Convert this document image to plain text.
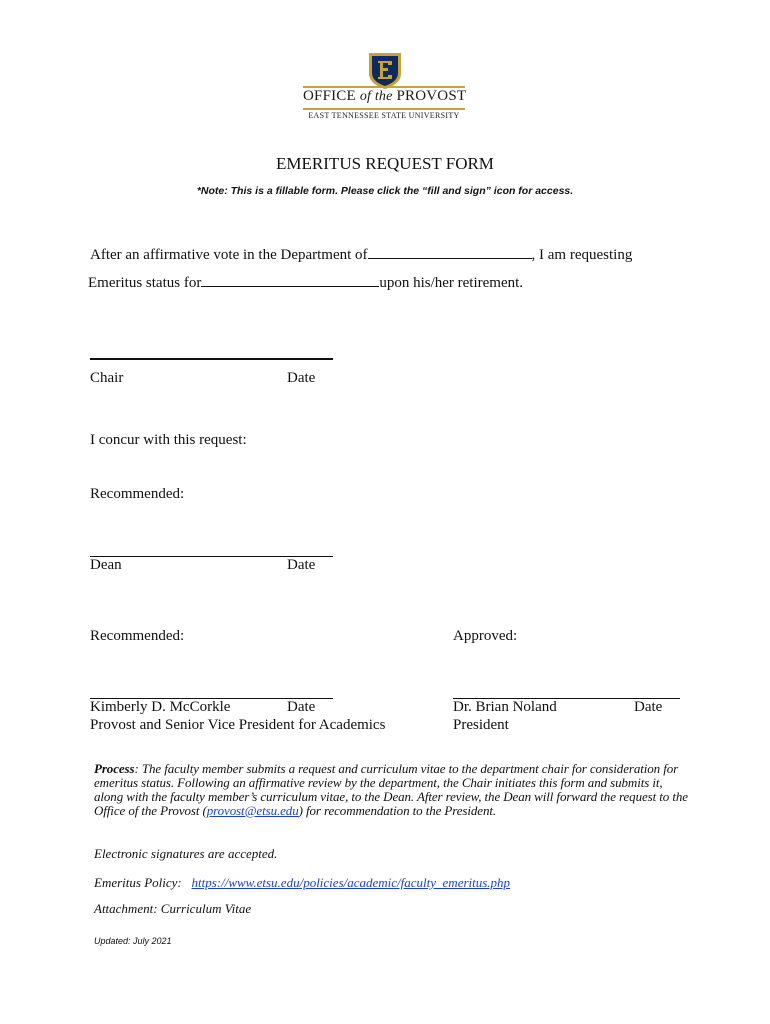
OFFICE of the PROVOST
EAST TENNESSEE STATE UNIVERSITY
EMERITUS REQUEST FORM
*Note: This is a fillable form. Please click the “fill and sign” icon for access.
After an affirmative vote in the Department of	, I am requesting
Emeritus status for	upon his/her retirement.
Chair	Date
I concur with this request:
Recommended:
Dean	Date
Recommended:	Approved:
Kimberly D. McCorkle	Date
Provost and Senior Vice President for Academics
Dr. Brian Noland	Date
President
Process: The faculty member submits a request and curriculum vitae to the department chair for consideration for emeritus status. Following an affirmative review by the department, the Chair initiates this form and submits it, along with the faculty member’s curriculum vitae, to the Dean. After review, the Dean will forward the request to the Office of the Provost (provost@etsu.edu) for recommendation to the President.
Electronic signatures are accepted.
Emeritus Policy: https://www.etsu.edu/policies/academic/faculty_emeritus.php
Attachment: Curriculum Vitae
Updated: July 2021
